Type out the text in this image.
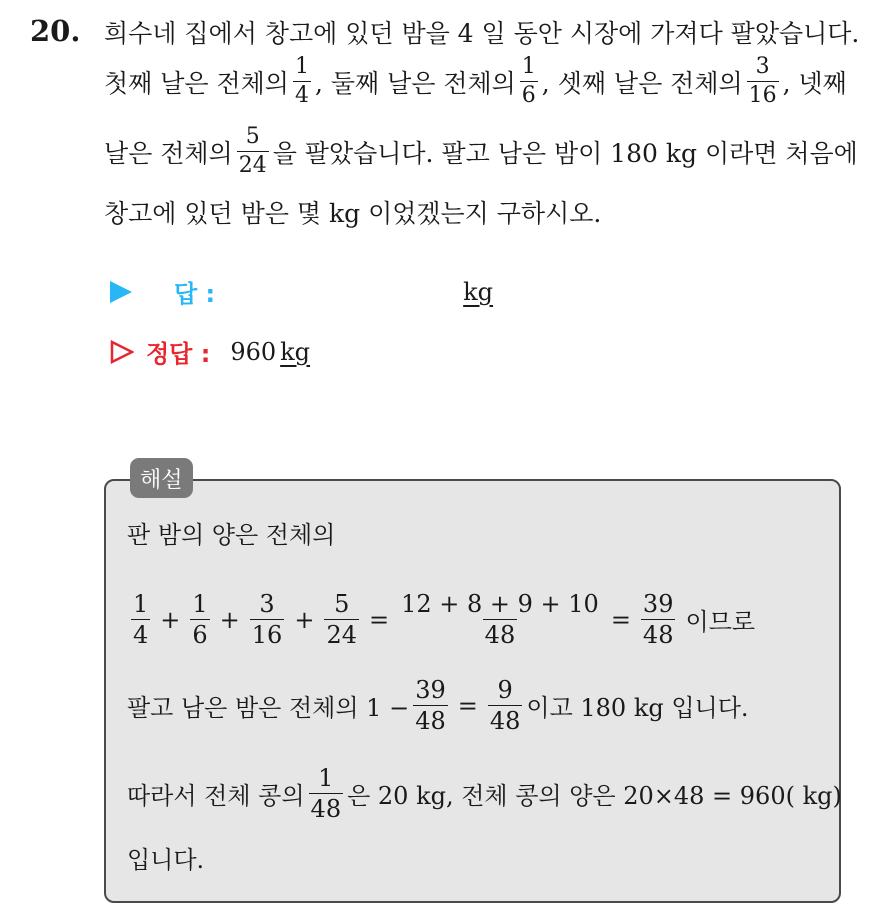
20. 희수네 집에서 창고에 있던 밤을 4 일 동안 시장에 가져다 팔았습니다.
첫째 날은 전체의 $\frac{1}{4}$ , 둘째 날은 전체의 $\frac{1}{6}$ , 셋째 날은 전체의 $\frac{3}{16}$ , 넷째
날은 전체의 $\frac{5}{24}$ 을 팔았습니다. 팔고 남은 밤이 180 kg 이라면 처음에
창고에 있던 밤은 몇 kg 이었겠는지 구하시오.
답 :	kg
정답 : 960 kg
해설
판 밤의 양은 전체의
$\frac{1}{4} + \frac{1}{6} + \frac{3}{16} + \frac{5}{24} = \frac{12 + 8 + 9 + 10}{48} = \frac{39}{48}$ 이므로
팔고 남은 밤은 전체의 $1 - \frac{39}{48} = \frac{9}{48}$ 이고 180 kg 입니다.
따라서 전체 콩의 $\frac{1}{48}$ 은 20 kg, 전체 콩의 양은 20×48 = 960( kg)
입니다.
